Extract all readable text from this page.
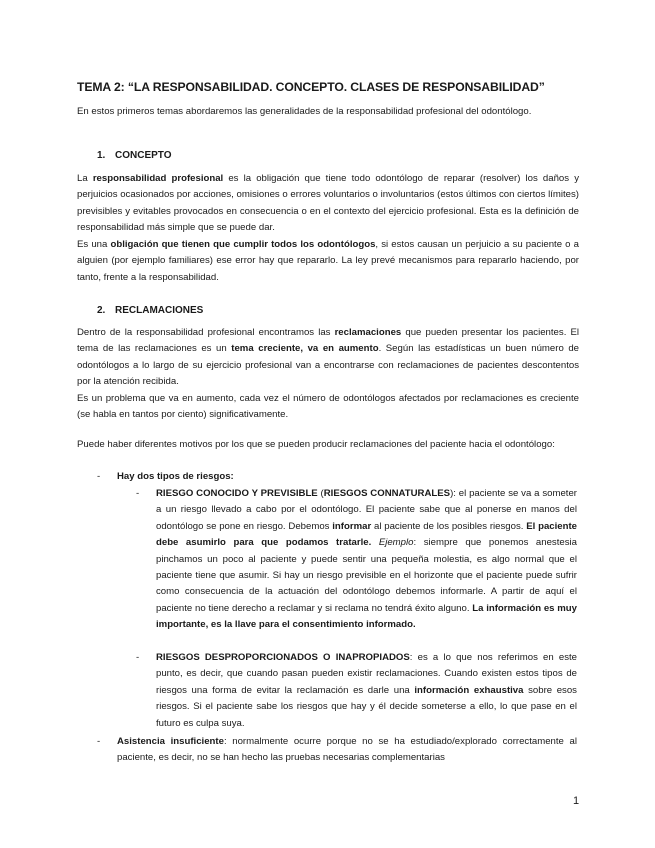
TEMA 2: “LA RESPONSABILIDAD. CONCEPTO. CLASES DE RESPONSABILIDAD”

En estos primeros temas abordaremos las generalidades de la responsabilidad profesional del odontólogo.

1. CONCEPTO

La responsabilidad profesional es la obligación que tiene todo odontólogo de reparar (resolver) los daños y perjuicios ocasionados por acciones, omisiones o errores voluntarios o involuntarios (estos últimos con ciertos límites) previsibles y evitables provocados en consecuencia o en el contexto del ejercicio profesional. Esta es la definición de responsabilidad más simple que se puede dar.

Es una obligación que tienen que cumplir todos los odontólogos, si estos causan un perjuicio a su paciente o a alguien (por ejemplo familiares) ese error hay que repararlo. La ley prevé mecanismos para repararlo haciendo, por tanto, frente a la responsabilidad.

2. RECLAMACIONES

Dentro de la responsabilidad profesional encontramos las reclamaciones que pueden presentar los pacientes. El tema de las reclamaciones es un tema creciente, va en aumento. Según las estadísticas un buen número de odontólogos a lo largo de su ejercicio profesional van a encontrarse con reclamaciones de pacientes descontentos por la atención recibida.

Es un problema que va en aumento, cada vez el número de odontólogos afectados por reclamaciones es creciente (se habla en tantos por ciento) significativamente.

Puede haber diferentes motivos por los que se pueden producir reclamaciones del paciente hacia el odontólogo:

- Hay dos tipos de riesgos:
- RIESGO CONOCIDO Y PREVISIBLE (RIESGOS CONNATURALES): el paciente se va a someter a un riesgo llevado a cabo por el odontólogo. El paciente sabe que al ponerse en manos del odontólogo se pone en riesgo. Debemos informar al paciente de los posibles riesgos. El paciente debe asumirlo para que podamos tratarle. Ejemplo: siempre que ponemos anestesia pinchamos un poco al paciente y puede sentir una pequeña molestia, es algo normal que el paciente tiene que asumir. Si hay un riesgo previsible en el horizonte que el paciente puede sufrir como consecuencia de la actuación del odontólogo debemos informarle. A partir de aquí el paciente no tiene derecho a reclamar y si reclama no tendrá éxito alguno. La información es muy importante, es la llave para el consentimiento informado.
- RIESGOS DESPROPORCIONADOS O INAPROPIADOS: es a lo que nos referimos en este punto, es decir, que cuando pasan pueden existir reclamaciones. Cuando existen estos tipos de riesgos una forma de evitar la reclamación es darle una información exhaustiva sobre esos riesgos. Si el paciente sabe los riesgos que hay y él decide someterse a ello, lo que pase en el futuro es culpa suya.
- Asistencia insuficiente: normalmente ocurre porque no se ha estudiado/explorado correctamente al paciente, es decir, no se han hecho las pruebas necesarias complementarias
1
